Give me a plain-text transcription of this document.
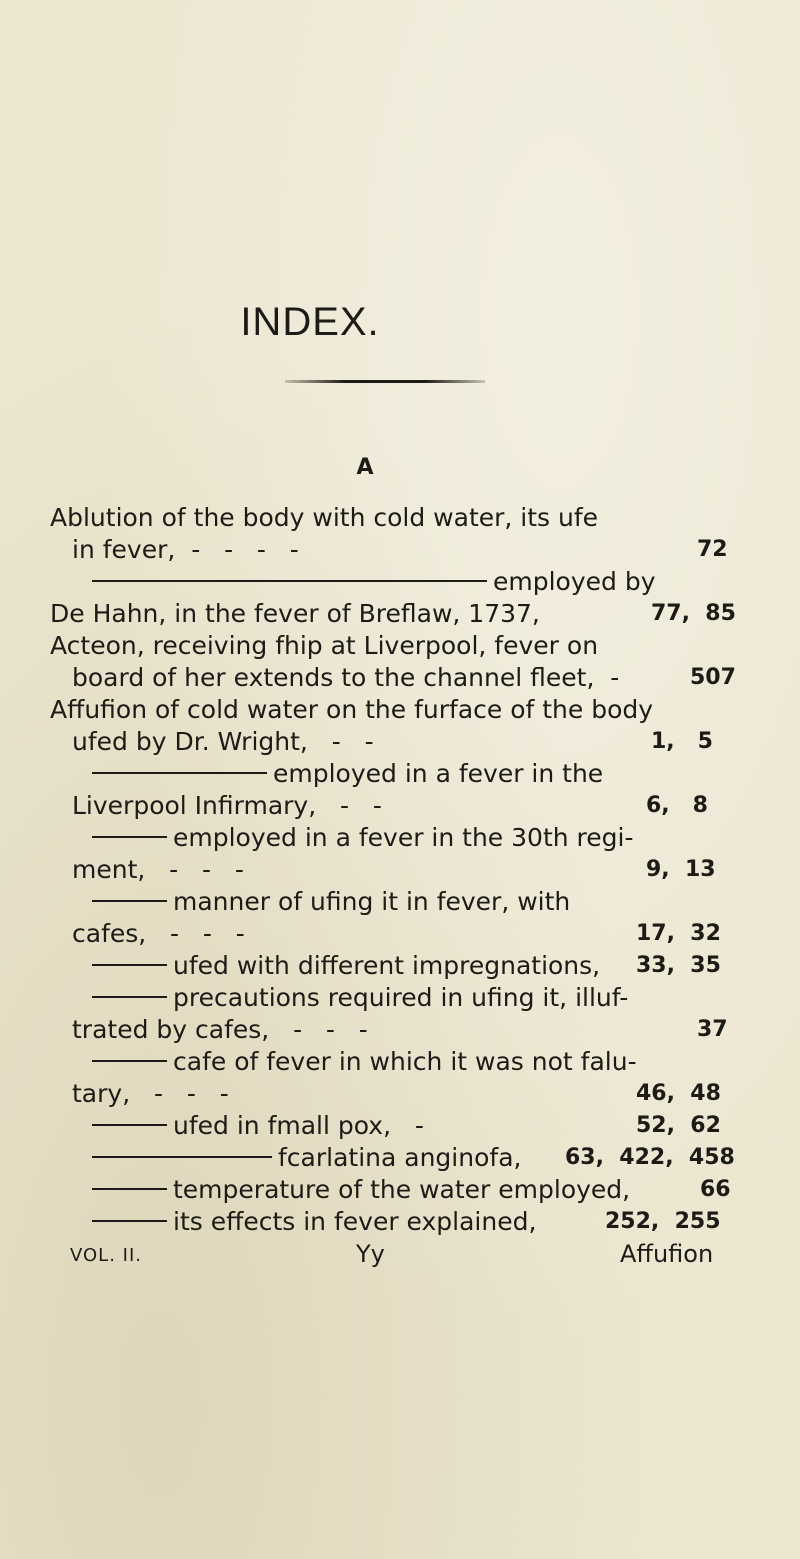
INDEX.
A
Ablution of the body with cold water, its ufe
in fever,  -   -   -   -	72
employed by
De Hahn, in the fever of Breflaw, 1737,	77,  85
Acteon, receiving fhip at Liverpool, fever on
board of her extends to the channel fleet,  -	507
Affufion of cold water on the furface of the body
ufed by Dr. Wright,   -   -	1,   5
employed in a fever in the
Liverpool Infirmary,   -   -	6,   8
employed in a fever in the 30th regi-
ment,   -   -   -	9,  13
manner of ufing it in fever, with
cafes,   -   -   -	17,  32
ufed with different impregnations, 33,  35
precautions required in ufing it, illuf-
trated by cafes,   -   -   -	37
cafe of fever in which it was not falu-
tary,   -   -   -	46,  48
ufed in fmall pox,   -	52,  62
fcarlatina anginofa, 63,  422,  458
temperature of the water employed,	66
its effects in fever explained,	252,  255
VOL. II.	Yy	Affufion
